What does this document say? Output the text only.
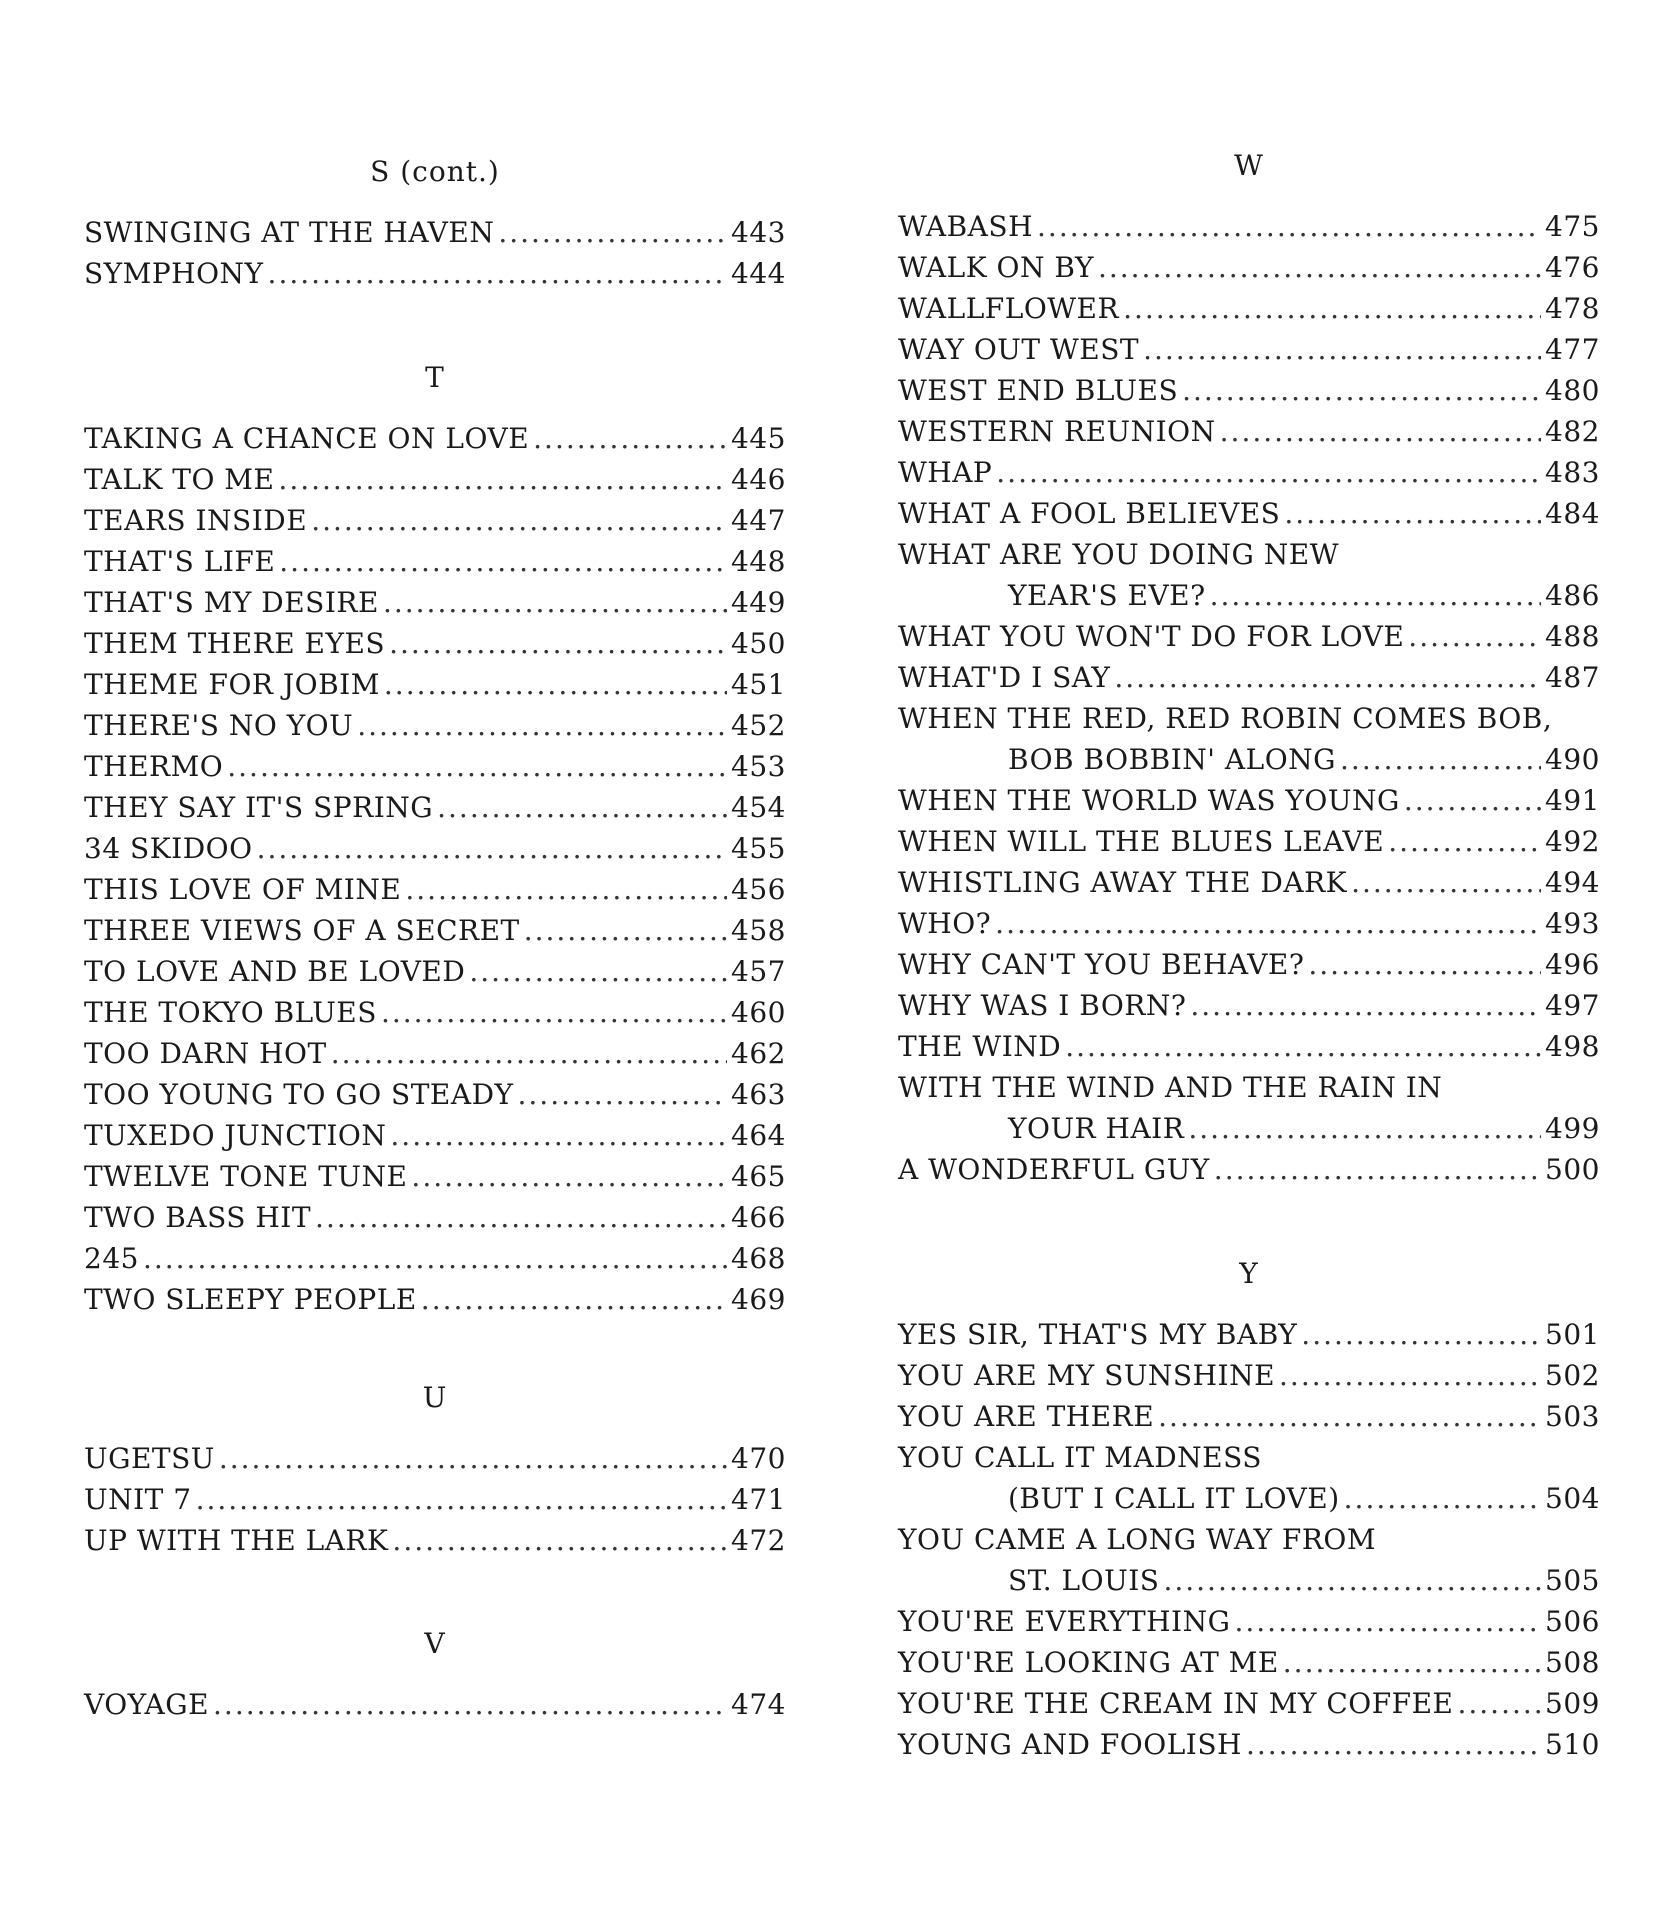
S (cont.)
SWINGING AT THE HAVEN .....	443
SYMPHONY .....	444
T
TAKING A CHANCE ON LOVE .....	445
TALK TO ME .....	446
TEARS INSIDE .....	447
THAT'S LIFE .....	448
THAT'S MY DESIRE .....	449
THEM THERE EYES .....	450
THEME FOR JOBIM .....	451
THERE'S NO YOU .....	452
THERMO .....	453
THEY SAY IT'S SPRING .....	454
34 SKIDOO .....	455
THIS LOVE OF MINE .....	456
THREE VIEWS OF A SECRET .....	458
TO LOVE AND BE LOVED .....	457
THE TOKYO BLUES .....	460
TOO DARN HOT .....	462
TOO YOUNG TO GO STEADY .....	463
TUXEDO JUNCTION .....	464
TWELVE TONE TUNE .....	465
TWO BASS HIT .....	466
245 .....	468
TWO SLEEPY PEOPLE .....	469
U
UGETSU .....	470
UNIT 7 .....	471
UP WITH THE LARK .....	472
V
VOYAGE .....	474
W
WABASH .....	475
WALK ON BY .....	476
WALLFLOWER .....	478
WAY OUT WEST .....	477
WEST END BLUES .....	480
WESTERN REUNION .....	482
WHAP .....	483
WHAT A FOOL BELIEVES .....	484
WHAT ARE YOU DOING NEW
YEAR'S EVE? .....	486
WHAT YOU WON'T DO FOR LOVE .....	488
WHAT'D I SAY .....	487
WHEN THE RED, RED ROBIN COMES BOB,
BOB BOBBIN' ALONG .....	490
WHEN THE WORLD WAS YOUNG .....	491
WHEN WILL THE BLUES LEAVE .....	492
WHISTLING AWAY THE DARK .....	494
WHO? .....	493
WHY CAN'T YOU BEHAVE? .....	496
WHY WAS I BORN? .....	497
THE WIND .....	498
WITH THE WIND AND THE RAIN IN
YOUR HAIR .....	499
A WONDERFUL GUY .....	500
Y
YES SIR, THAT'S MY BABY .....	501
YOU ARE MY SUNSHINE .....	502
YOU ARE THERE .....	503
YOU CALL IT MADNESS
(BUT I CALL IT LOVE) .....	504
YOU CAME A LONG WAY FROM
ST. LOUIS .....	505
YOU'RE EVERYTHING .....	506
YOU'RE LOOKING AT ME .....	508
YOU'RE THE CREAM IN MY COFFEE .....	509
YOUNG AND FOOLISH .....	510
